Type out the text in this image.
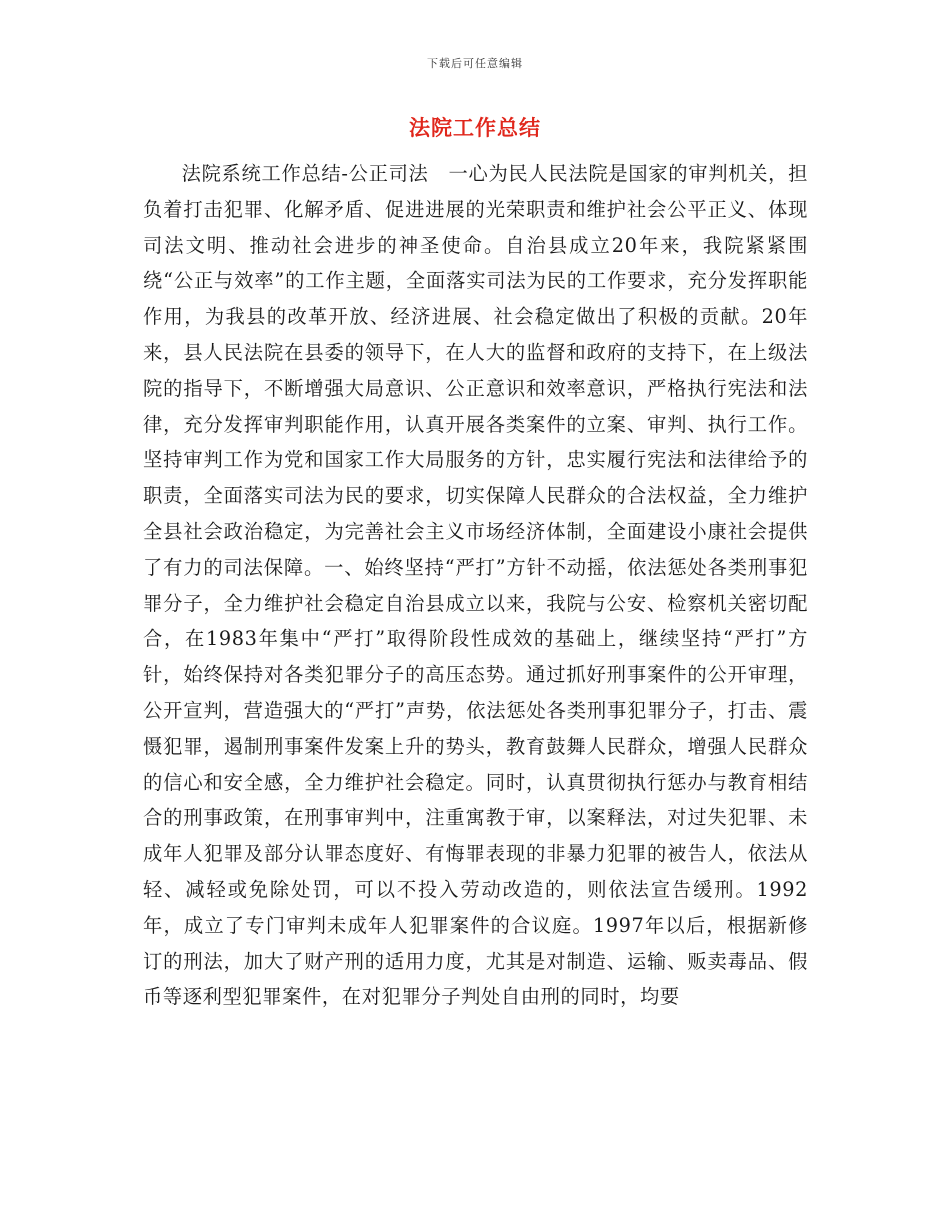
下载后可任意编辑
法院工作总结

法院系统工作总结-公正司法　一心为民人民法院是国家的审判机关，担负着打击犯罪、化解矛盾、促进进展的光荣职责和维护社会公平正义、体现司法文明、推动社会进步的神圣使命。自治县成立20年来，我院紧紧围绕“公正与效率”的工作主题，全面落实司法为民的工作要求，充分发挥职能作用，为我县的改革开放、经济进展、社会稳定做出了积极的贡献。20年来，县人民法院在县委的领导下，在人大的监督和政府的支持下，在上级法院的指导下，不断增强大局意识、公正意识和效率意识，严格执行宪法和法律，充分发挥审判职能作用，认真开展各类案件的立案、审判、执行工作。坚持审判工作为党和国家工作大局服务的方针，忠实履行宪法和法律给予的职责，全面落实司法为民的要求，切实保障人民群众的合法权益，全力维护全县社会政治稳定，为完善社会主义市场经济体制，全面建设小康社会提供了有力的司法保障。一、始终坚持“严打”方针不动摇，依法惩处各类刑事犯罪分子，全力维护社会稳定自治县成立以来，我院与公安、检察机关密切配合，在1983年集中“严打”取得阶段性成效的基础上，继续坚持“严打”方针，始终保持对各类犯罪分子的高压态势。通过抓好刑事案件的公开审理，公开宣判，营造强大的“严打”声势，依法惩处各类刑事犯罪分子，打击、震慑犯罪，遏制刑事案件发案上升的势头，教育鼓舞人民群众，增强人民群众的信心和安全感，全力维护社会稳定。同时，认真贯彻执行惩办与教育相结合的刑事政策，在刑事审判中，注重寓教于审，以案释法，对过失犯罪、未成年人犯罪及部分认罪态度好、有悔罪表现的非暴力犯罪的被告人，依法从轻、减轻或免除处罚，可以不投入劳动改造的，则依法宣告缓刑。1992年，成立了专门审判未成年人犯罪案件的合议庭。1997年以后，根据新修订的刑法，加大了财产刑的适用力度，尤其是对制造、运输、贩卖毒品、假币等逐利型犯罪案件，在对犯罪分子判处自由刑的同时，均要
